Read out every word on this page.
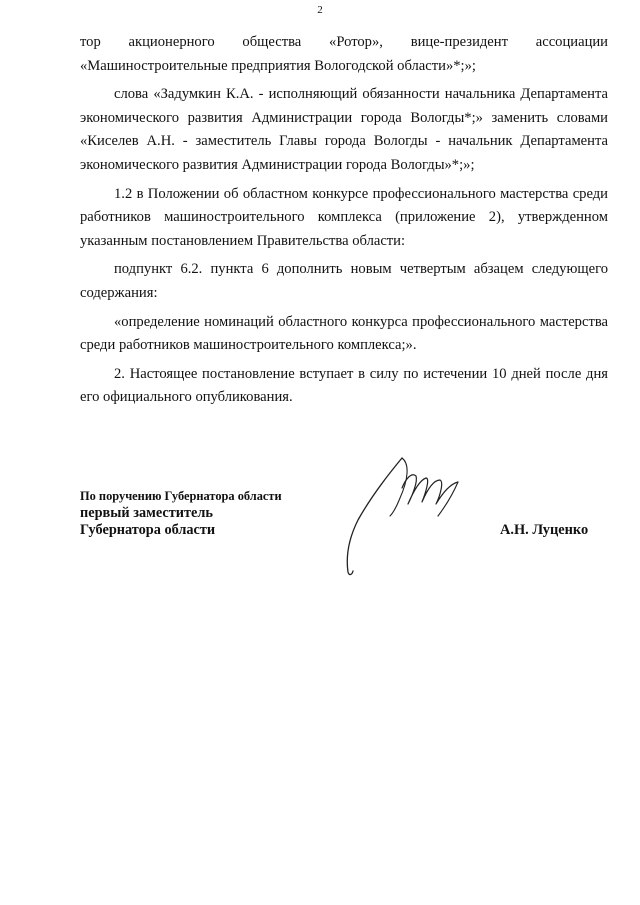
2

тор акционерного общества «Ротор», вице-президент ассоциации «Машиностроительные предприятия Вологодской области»*;»;

слова «Задумкин К.А. - исполняющий обязанности начальника Департамента экономического развития Администрации города Вологды*;» заменить словами «Киселев А.Н. - заместитель Главы города Вологды - начальник Департамента экономического развития Администрации города Вологды»*;»;

1.2 в Положении об областном конкурсе профессионального мастерства среди работников машиностроительного комплекса (приложение 2), утвержденном указанным постановлением Правительства области:

подпункт 6.2. пункта 6 дополнить новым четвертым абзацем следующего содержания:

«определение номинаций областного конкурса профессионального мастерства среди работников машиностроительного комплекса;».

2. Настоящее постановление вступает в силу по истечении 10 дней после дня его официального опубликования.

По поручению Губернатора области
первый заместитель
Губернатора области	А.Н. Луценко
